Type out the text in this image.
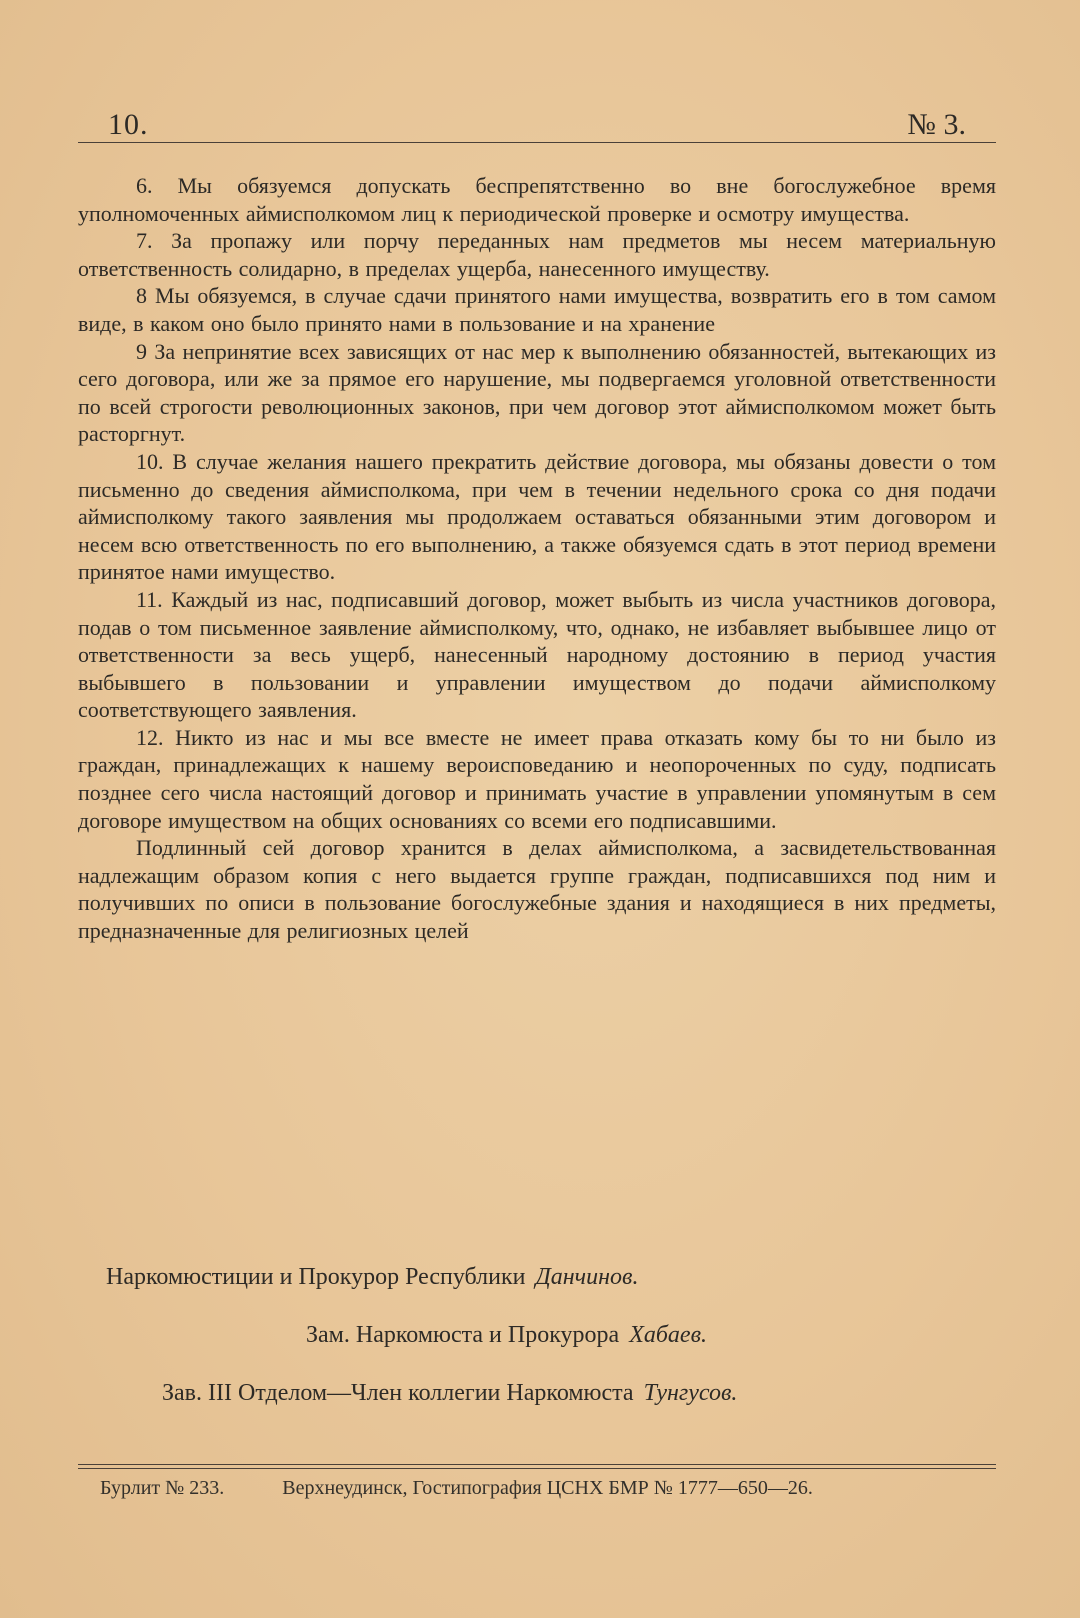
10.	№ 3.

6. Мы обязуемся допускать беспрепятственно во вне богослужебное время уполномоченных аймисполкомом лиц к периодической проверке и осмотру имущества.

7. За пропажу или порчу переданных нам предметов мы несем материальную ответственность солидарно, в пределах ущерба, нанесенного имуществу.

8 Мы обязуемся, в случае сдачи принятого нами имущества, возвратить его в том самом виде, в каком оно было принято нами в пользование и на хранение

9 За непринятие всех зависящих от нас мер к выполнению обязанностей, вытекающих из сего договора, или же за прямое его нарушение, мы подвергаемся уголовной ответственности по всей строгости революционных законов, при чем договор этот аймисполкомом может быть расторгнут.

10. В случае желания нашего прекратить действие договора, мы обязаны довести о том письменно до сведения аймисполкома, при чем в течении недельного срока со дня подачи аймисполкому такого заявления мы продолжаем оставаться обязанными этим договором и несем всю ответственность по его выполнению, а также обязуемся сдать в этот период времени принятое нами имущество.

11. Каждый из нас, подписавший договор, может выбыть из числа участников договора, подав о том письменное заявление аймисполкому, что, однако, не избавляет выбывшее лицо от ответственности за весь ущерб, нанесенный народному достоянию в период участия выбывшего в пользовании и управлении имуществом до подачи аймисполкому соответствующего заявления.

12. Никто из нас и мы все вместе не имеет права отказать кому бы то ни было из граждан, принадлежащих к нашему вероисповеданию и неопороченных по суду, подписать позднее сего числа настоящий договор и принимать участие в управлении упомянутым в сем договоре имуществом на общих основаниях со всеми его подписавшими.

Подлинный сей договор хранится в делах аймисполкома, а засвидетельствованная надлежащим образом копия с него выдается группе граждан, подписавшихся под ним и получивших по описи в пользование богослужебные здания и находящиеся в них предметы, предназначенные для религиозных целей

Наркомюстиции и Прокурор Республики Данчинов.
Зам. Наркомюста и Прокурора Хабаев.
Зав. III Отделом—Член коллегии Наркомюста Тунгусов.
Бурлит № 233.	Верхнеудинск, Гостипография ЦСНХ БМР № 1777—650—26.
